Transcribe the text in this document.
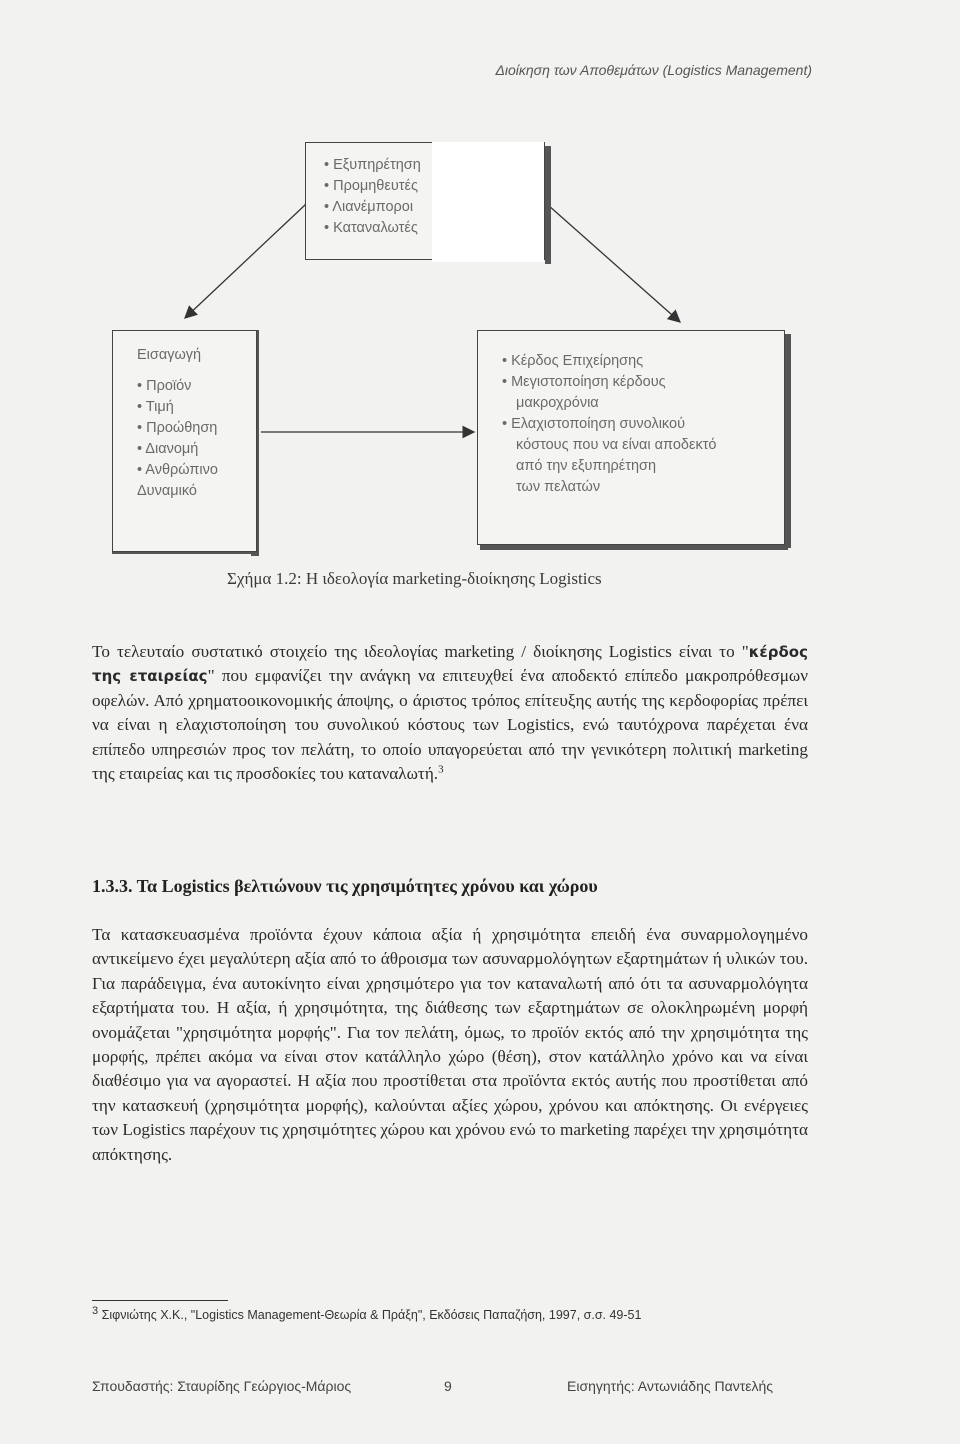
Διοίκηση των Αποθεμάτων (Logistics Management)
• Εξυπηρέτηση
• Προμηθευτές
• Λιανέμποροι
• Καταναλωτές
Εισαγωγή
• Προϊόν
• Τιμή
• Προώθηση
• Διανομή
• Ανθρώπινο
Δυναμικό
• Κέρδος Επιχείρησης
• Μεγιστοποίηση κέρδους
μακροχρόνια
• Ελαχιστοποίηση συνολικού
κόστους που να είναι αποδεκτό
από την εξυπηρέτηση
των πελατών
Σχήμα 1.2: Η ιδεολογία marketing-διοίκησης Logistics
Το τελευταίο συστατικό στοιχείο της ιδεολογίας marketing / διοίκησης Logistics είναι το "κέρδος της εταιρείας" που εμφανίζει την ανάγκη να επιτευχθεί ένα αποδεκτό επίπεδο μακροπρόθεσμων οφελών. Από χρηματοοικονομικής άποψης, ο άριστος τρόπος επίτευξης αυτής της κερδοφορίας πρέπει να είναι η ελαχιστοποίηση του συνολικού κόστους των Logistics, ενώ ταυτόχρονα παρέχεται ένα επίπεδο υπηρεσιών προς τον πελάτη, το οποίο υπαγορεύεται από την γενικότερη πολιτική marketing της εταιρείας και τις προσδοκίες του καταναλωτή.$^3$
1.3.3. Τα Logistics βελτιώνουν τις χρησιμότητες χρόνου και χώρου
Τα κατασκευασμένα προϊόντα έχουν κάποια αξία ή χρησιμότητα επειδή ένα συναρμολογημένο αντικείμενο έχει μεγαλύτερη αξία από το άθροισμα των ασυναρμολόγητων εξαρτημάτων ή υλικών του. Για παράδειγμα, ένα αυτοκίνητο είναι χρησιμότερο για τον καταναλωτή από ότι τα ασυναρμολόγητα εξαρτήματα του. Η αξία, ή χρησιμότητα, της διάθεσης των εξαρτημάτων σε ολοκληρωμένη μορφή ονομάζεται "χρησιμότητα μορφής". Για τον πελάτη, όμως, το προϊόν εκτός από την χρησιμότητα της μορφής, πρέπει ακόμα να είναι στον κατάλληλο χώρο (θέση), στον κατάλληλο χρόνο και να είναι διαθέσιμο για να αγοραστεί. Η αξία που προστίθεται στα προϊόντα εκτός αυτής που προστίθεται από την κατασκευή (χρησιμότητα μορφής), καλούνται αξίες χώρου, χρόνου και απόκτησης. Οι ενέργειες των Logistics παρέχουν τις χρησιμότητες χώρου και χρόνου ενώ το marketing παρέχει την χρησιμότητα απόκτησης.
3 Σιφνιώτης Χ.Κ., "Logistics Management-Θεωρία & Πράξη", Εκδόσεις Παπαζήση, 1997, σ.σ. 49-51
Σπουδαστής: Σταυρίδης Γεώργιος-Μάριος	9	Εισηγητής: Αντωνιάδης Παντελής
